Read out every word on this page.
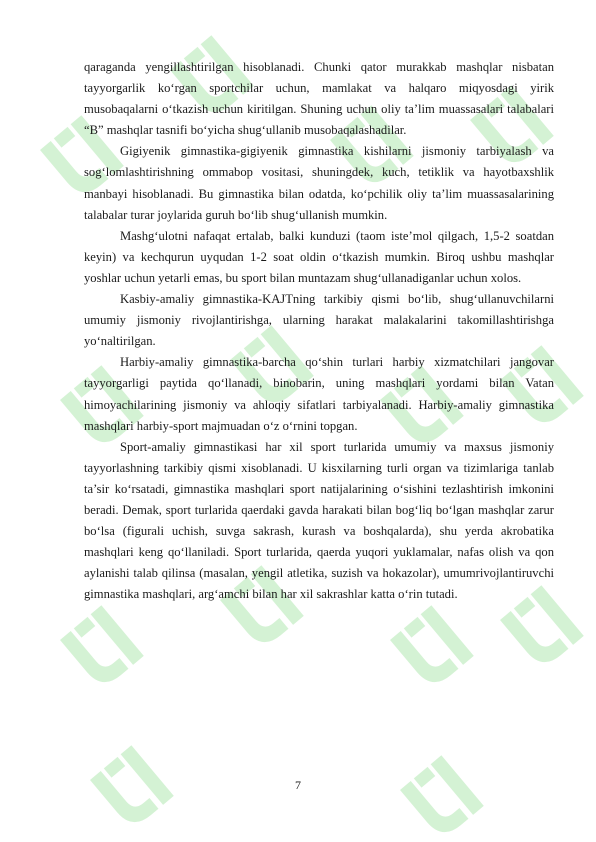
qaraganda yengillashtirilgan hisoblanadi. Chunki qator murakkab mashqlar nisbatan tayyorgarlik ko‘rgan sportchilar uchun, mamlakat va halqaro miqyosdagi yirik musobaqalarni o‘tkazish uchun kiritilgan. Shuning uchun oliy ta’lim muassasalari talabalari “B” mashqlar tasnifi bo‘yicha shug‘ullanib musobaqalashadilar.

Gigiyenik gimnastika-gigiyenik gimnastika kishilarni jismoniy tarbiyalash va sog‘lomlashtirishning ommabop vositasi, shuningdek, kuch, tetiklik va hayotbaxshlik manbayi hisoblanadi. Bu gimnastika bilan odatda, ko‘pchilik oliy ta’lim muassasalarining talabalar turar joylarida guruh bo‘lib shug‘ullanish mumkin.

Mashg‘ulotni nafaqat ertalab, balki kunduzi (taom iste’mol qilgach, 1,5-2 soatdan keyin) va kechqurun uyqudan 1-2 soat oldin o‘tkazish mumkin. Biroq ushbu mashqlar yoshlar uchun yetarli emas, bu sport bilan muntazam shug‘ullanadiganlar uchun xolos.

Kasbiy-amaliy gimnastika-KAJTning tarkibiy qismi bo‘lib, shug‘ullanuvchilarni umumiy jismoniy rivojlantirishga, ularning harakat malakalarini takomillashtirishga yo‘naltirilgan.

Harbiy-amaliy gimnastika-barcha qo‘shin turlari harbiy xizmatchilari jangovar tayyorgarligi paytida qo‘llanadi, binobarin, uning mashqlari yordami bilan Vatan himoyachilarining jismoniy va ahloqiy sifatlari tarbiyalanadi. Harbiy-amaliy gimnastika mashqlari harbiy-sport majmuadan o‘z o‘rnini topgan.

Sport-amaliy gimnastikasi har xil sport turlarida umumiy va maxsus jismoniy tayyorlashning tarkibiy qismi xisoblanadi. U kisxilarning turli organ va tizimlariga tanlab ta’sir ko‘rsatadi, gimnastika mashqlari sport natijalarining o‘sishini tezlashtirish imkonini beradi. Demak, sport turlarida qaerdaki gavda harakati bilan bog‘liq bo‘lgan mashqlar zarur bo‘lsa (figurali uchish, suvga sakrash, kurash va boshqalarda), shu yerda akrobatika mashqlari keng qo‘llaniladi. Sport turlarida, qaerda yuqori yuklamalar, nafas olish va qon aylanishi talab qilinsa (masalan, yengil atletika, suzish va hokazolar), umumrivojlantiruvchi gimnastika mashqlari, arg‘amchi bilan har xil sakrashlar katta o‘rin tutadi.

7
